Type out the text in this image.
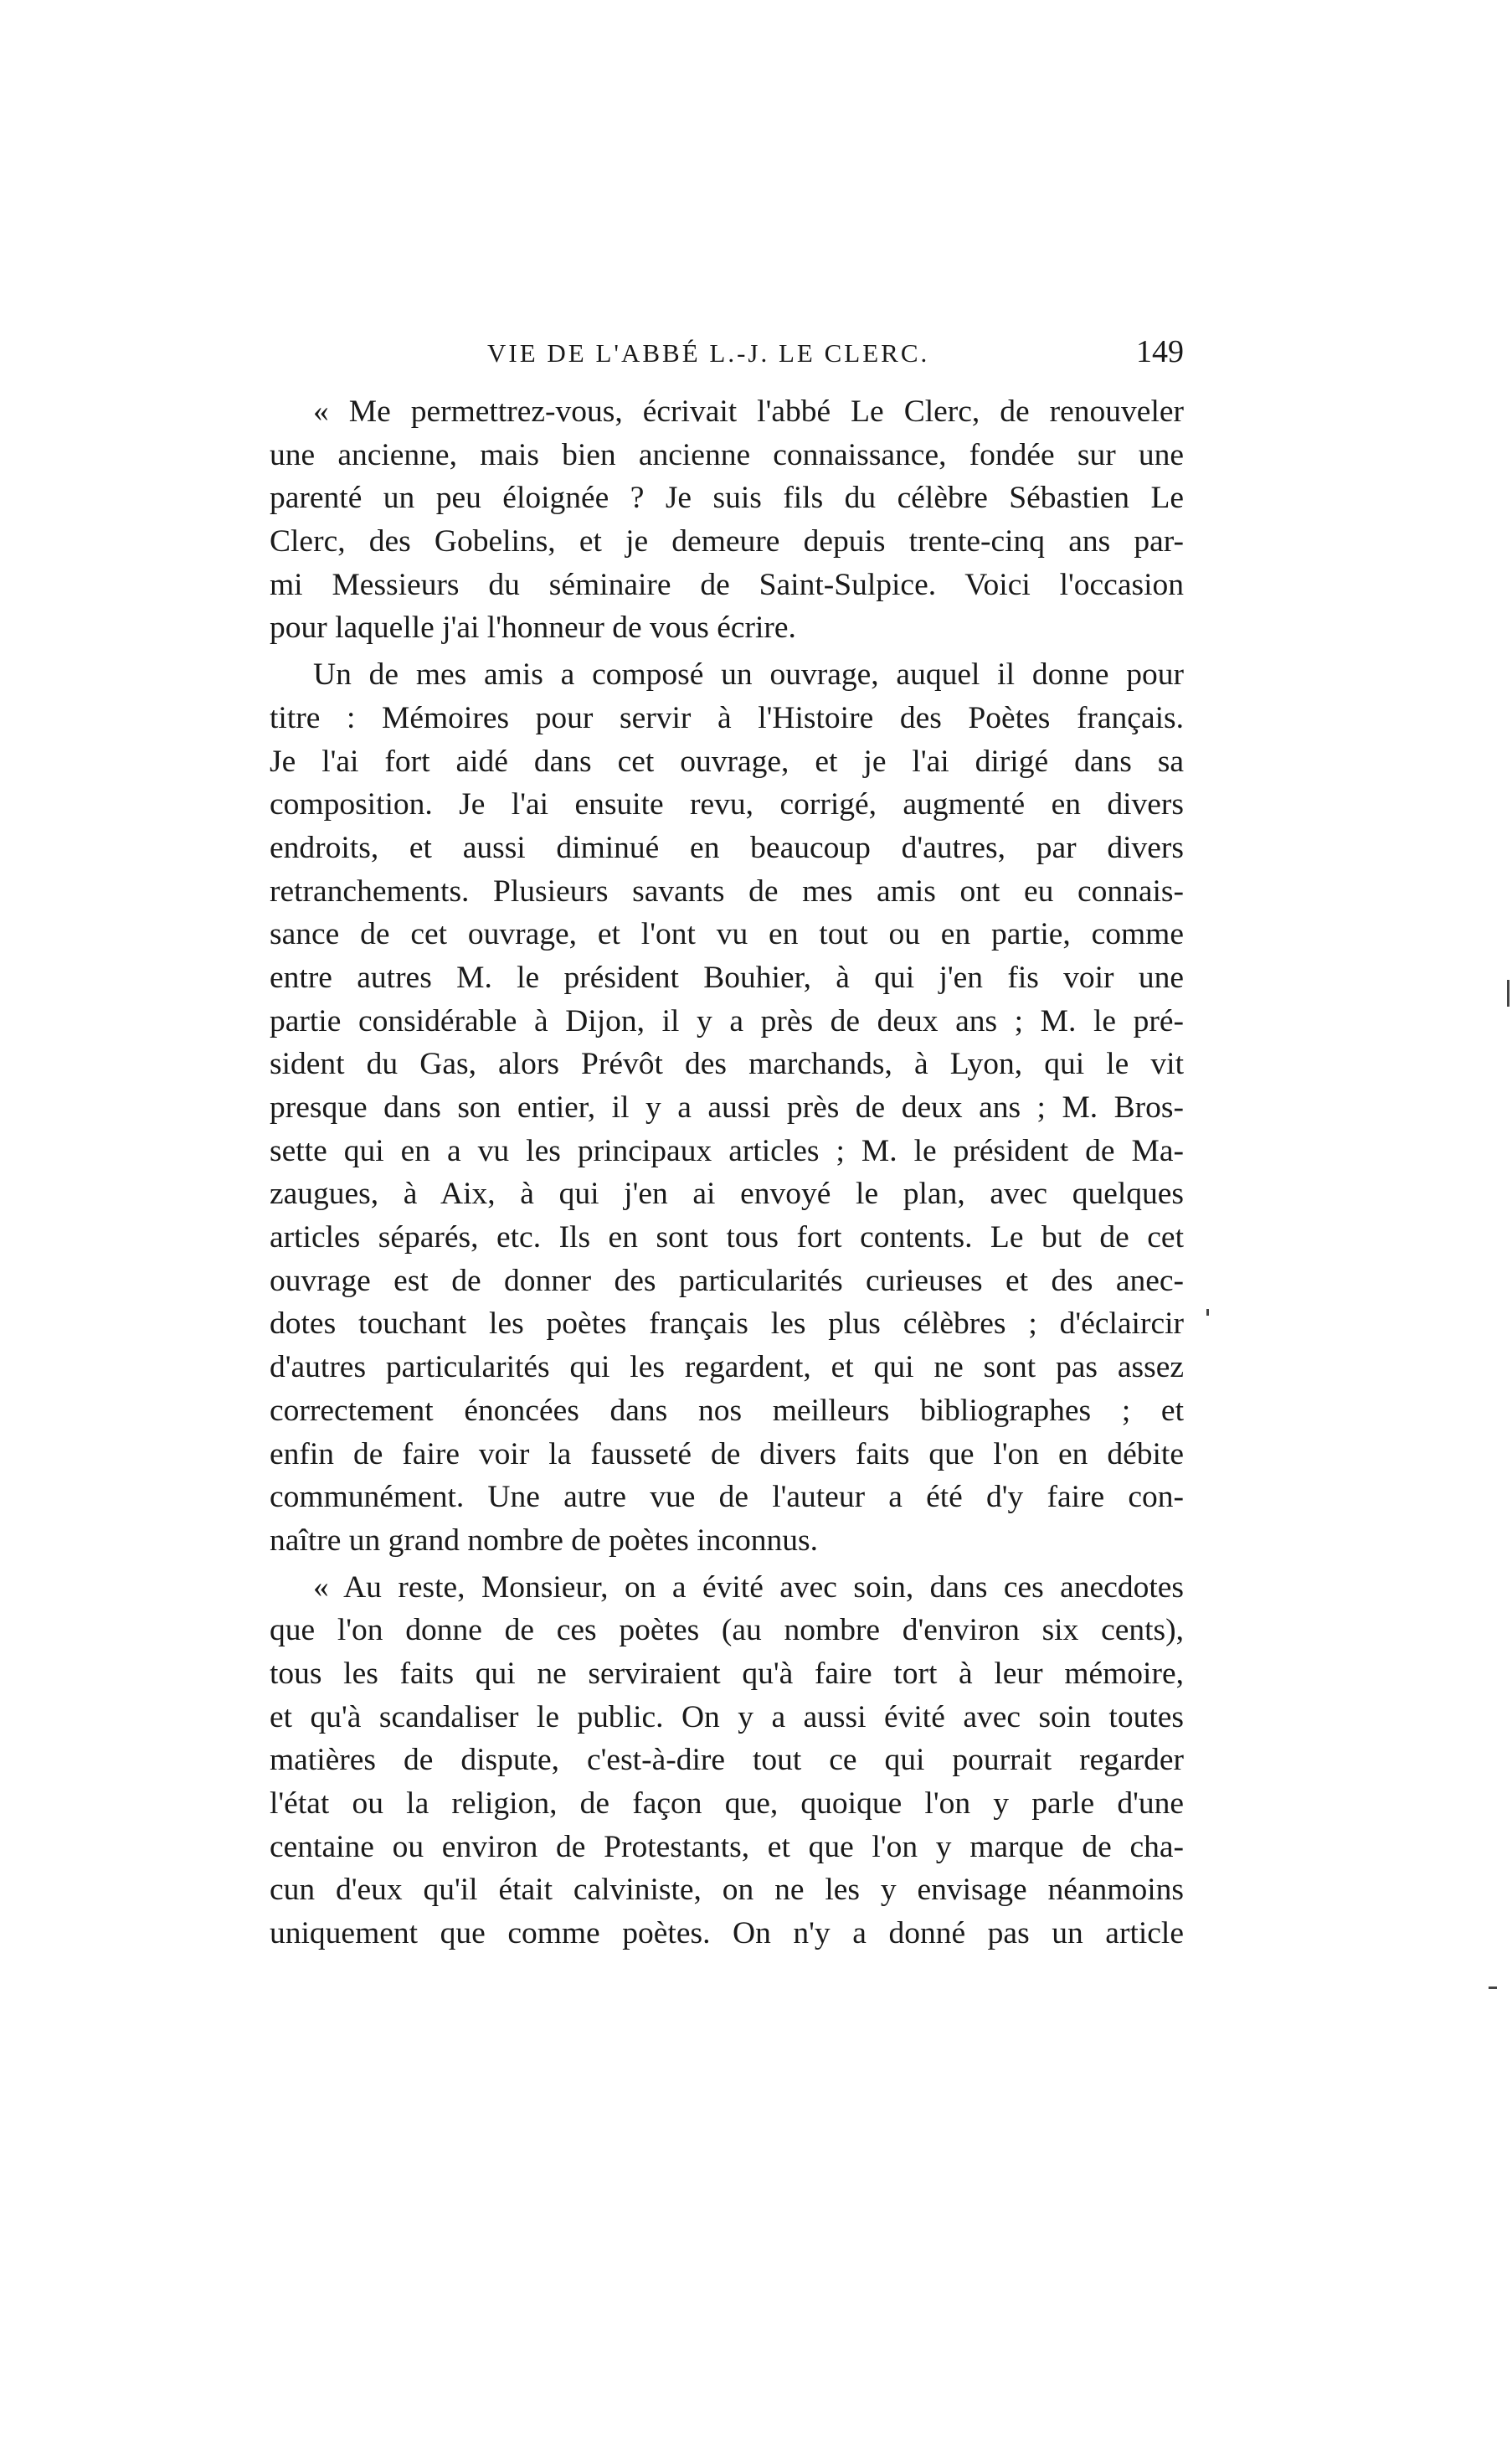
VIE DE L'ABBÉ L.-J. LE CLERC.	149
« Me permettrez-vous, écrivait l'abbé Le Clerc, de renouveler
une ancienne, mais bien ancienne connaissance, fondée sur une
parenté un peu éloignée ? Je suis fils du célèbre Sébastien Le
Clerc, des Gobelins, et je demeure depuis trente-cinq ans par-
mi Messieurs du séminaire de Saint-Sulpice. Voici l'occasion
pour laquelle j'ai l'honneur de vous écrire.
Un de mes amis a composé un ouvrage, auquel il donne pour
titre : Mémoires pour servir à l'Histoire des Poètes français.
Je l'ai fort aidé dans cet ouvrage, et je l'ai dirigé dans sa
composition. Je l'ai ensuite revu, corrigé, augmenté en divers
endroits, et aussi diminué en beaucoup d'autres, par divers
retranchements. Plusieurs savants de mes amis ont eu connais-
sance de cet ouvrage, et l'ont vu en tout ou en partie, comme
entre autres M. le président Bouhier, à qui j'en fis voir une
partie considérable à Dijon, il y a près de deux ans ; M. le pré-
sident du Gas, alors Prévôt des marchands, à Lyon, qui le vit
presque dans son entier, il y a aussi près de deux ans ; M. Bros-
sette qui en a vu les principaux articles ; M. le président de Ma-
zaugues, à Aix, à qui j'en ai envoyé le plan, avec quelques
articles séparés, etc. Ils en sont tous fort contents. Le but de cet
ouvrage est de donner des particularités curieuses et des anec-
dotes touchant les poètes français les plus célèbres ; d'éclaircir
d'autres particularités qui les regardent, et qui ne sont pas assez
correctement énoncées dans nos meilleurs bibliographes ; et
enfin de faire voir la fausseté de divers faits que l'on en débite
communément. Une autre vue de l'auteur a été d'y faire con-
naître un grand nombre de poètes inconnus.
« Au reste, Monsieur, on a évité avec soin, dans ces anecdotes
que l'on donne de ces poètes (au nombre d'environ six cents),
tous les faits qui ne serviraient qu'à faire tort à leur mémoire,
et qu'à scandaliser le public. On y a aussi évité avec soin toutes
matières de dispute, c'est-à-dire tout ce qui pourrait regarder
l'état ou la religion, de façon que, quoique l'on y parle d'une
centaine ou environ de Protestants, et que l'on y marque de cha-
cun d'eux qu'il était calviniste, on ne les y envisage néanmoins
uniquement que comme poètes. On n'y a donné pas un article
